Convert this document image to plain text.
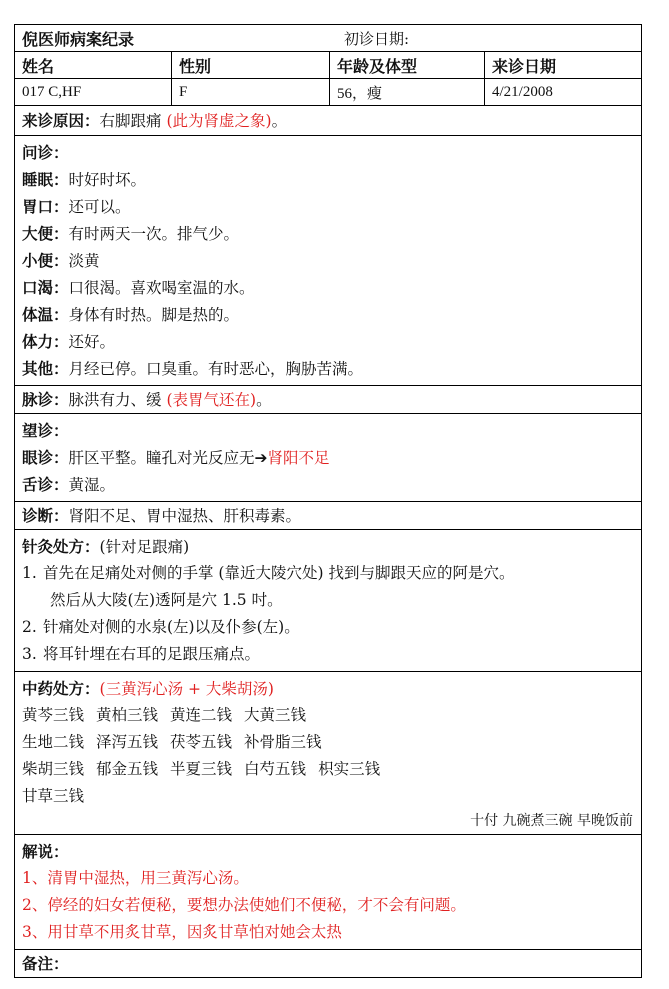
倪医师病案纪录	初诊日期:
姓名	性别	年龄及体型	来诊日期
017 C,HF	F	56，瘦	4/21/2008
来诊原因：右脚跟痛 (此为肾虚之象)。
问诊：
睡眠：时好时坏。
胃口：还可以。
大便：有时两天一次。排气少。
小便：淡黄
口渴：口很渴。喜欢喝室温的水。
体温：身体有时热。脚是热的。
体力：还好。
其他：月经已停。口臭重。有时恶心，胸胁苦满。
脉诊：脉洪有力、缓 (表胃气还在)。
望诊：
眼诊：肝区平整。瞳孔对光反应无➔肾阳不足
舌诊：黄湿。
诊断：肾阳不足、胃中湿热、肝积毒素。
针灸处方：(针对足跟痛)
1. 首先在足痛处对侧的手掌 (靠近大陵穴处) 找到与脚跟天应的阿是穴。
然后从大陵(左)透阿是穴 1.5 吋。
2. 针痛处对侧的水泉(左)以及仆参(左)。
3. 将耳针埋在右耳的足跟压痛点。
中药处方：(三黄泻心汤 + 大柴胡汤)
黄芩三钱 黄柏三钱 黄连二钱 大黄三钱
生地二钱 泽泻五钱 茯苓五钱 补骨脂三钱
柴胡三钱 郁金五钱 半夏三钱 白芍五钱 枳实三钱
甘草三钱
十付 九碗煮三碗 早晚饭前
解说：
1、清胃中湿热，用三黄泻心汤。
2、停经的妇女若便秘，要想办法使她们不便秘，才不会有问题。
3、用甘草不用炙甘草，因炙甘草怕对她会太热
备注：
